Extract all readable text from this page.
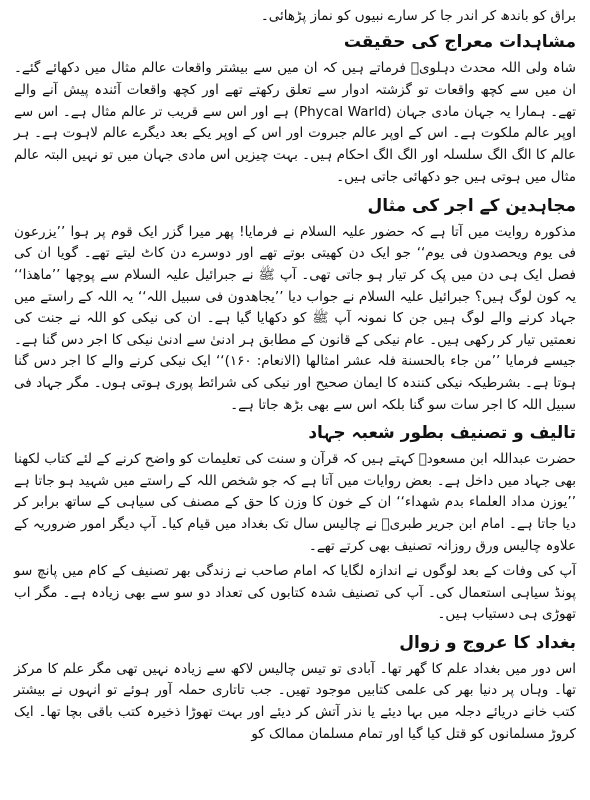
براق کو باندھ کر اندر جا کر سارے نبیوں کو نماز پڑھائی۔
مشاہدات معراج کی حقیقت

شاہ ولی اللہ محدث دہلویؒ فرماتے ہیں کہ ان میں سے بیشتر واقعات عالم مثال میں دکھائے گئے۔ ان میں سے کچھ واقعات تو گزشتہ ادوار سے تعلق رکھتے تھے اور کچھ واقعات آئندہ پیش آنے والے تھے۔ ہمارا یہ جہان مادی جہان (Phycal Warld) ہے اور اس سے قریب تر عالم مثال ہے۔ اس سے اوپر عالم ملکوت ہے۔ اس کے اوپر عالم جبروت اور اس کے اوپر یکے بعد دیگرے عالم لاہوت ہے۔ ہر عالم کا الگ الگ سلسلہ اور الگ الگ احکام ہیں۔ بہت چیزیں اس مادی جہان میں تو نہیں البتہ عالم مثال میں ہوتی ہیں جو دکھائی جاتی ہیں۔

مجاہدین کے اجر کی مثال

مذکورہ روایت میں آتا ہے کہ حضور علیہ السلام نے فرمایا! پھر میرا گزر ایک قوم پر ہوا ’’یزرعون فی یوم ویحصدون فی یوم‘‘ جو ایک دن کھیتی بوتے تھے اور دوسرے دن کاٹ لیتے تھے۔ گویا ان کی فصل ایک ہی دن میں پک کر تیار ہو جاتی تھی۔ آپ ﷺ نے جبرائیل علیہ السلام سے پوچھا ’’ماھذا‘‘ یہ کون لوگ ہیں؟ جبرائیل علیہ السلام نے جواب دیا ’’یجاھدون فی سبیل اللہ‘‘ یہ اللہ کے راستے میں جہاد کرنے والے لوگ ہیں جن کا نمونہ آپ ﷺ کو دکھایا گیا ہے۔ ان کی نیکی کو اللہ نے جنت کی نعمتیں تیار کر رکھی ہیں۔ عام نیکی کے قانون کے مطابق ہر ادنیٰ سے ادنیٰ نیکی کا اجر دس گنا ہے۔ جیسے فرمایا ’’من جاء بالحسنة فلہ عشر امثالھا (الانعام: ۱۶۰)‘‘ ایک نیکی کرنے والے کا اجر دس گنا ہوتا ہے۔ بشرطیکہ نیکی کنندہ کا ایمان صحیح اور نیکی کی شرائط پوری ہوتی ہوں۔ مگر جہاد فی سبیل اللہ کا اجر سات سو گنا بلکہ اس سے بھی بڑھ جاتا ہے۔

تالیف و تصنیف بطور شعبہ جہاد

حضرت عبداللہ ابن مسعودؓ کہتے ہیں کہ قرآن و سنت کی تعلیمات کو واضح کرنے کے لئے کتاب لکھنا بھی جہاد میں داخل ہے۔ بعض روایات میں آتا ہے کہ جو شخص اللہ کے راستے میں شہید ہو جاتا ہے ’’یوزن مداد العلماء بدم شھداء‘‘ ان کے خون کا وزن کا حق کے مصنف کی سیاہی کے ساتھ برابر کر دیا جاتا ہے۔ امام ابن جریر طبریؒ نے چالیس سال تک بغداد میں قیام کیا۔ آپ دیگر امور ضروریہ کے علاوہ چالیس ورق روزانہ تصنیف بھی کرتے تھے۔

آپ کی وفات کے بعد لوگوں نے اندازہ لگایا کہ امام صاحب نے زندگی بھر تصنیف کے کام میں پانچ سو پونڈ سیاہی استعمال کی۔ آپ کی تصنیف شدہ کتابوں کی تعداد دو سو سے بھی زیادہ ہے۔ مگر اب تھوڑی ہی دستیاب ہیں۔

بغداد کا عروج و زوال

اس دور میں بغداد علم کا گھر تھا۔ آبادی تو تیس چالیس لاکھ سے زیادہ نہیں تھی مگر علم کا مرکز تھا۔ وہاں پر دنیا بھر کی علمی کتابیں موجود تھیں۔ جب تاتاری حملہ آور ہوئے تو انہوں نے بیشتر کتب خانے دریائے دجلہ میں بہا دیئے یا نذر آتش کر دیئے اور بہت تھوڑا ذخیرہ کتب باقی بچا تھا۔ ایک کروڑ مسلمانوں کو قتل کیا گیا اور تمام مسلمان ممالک کو
